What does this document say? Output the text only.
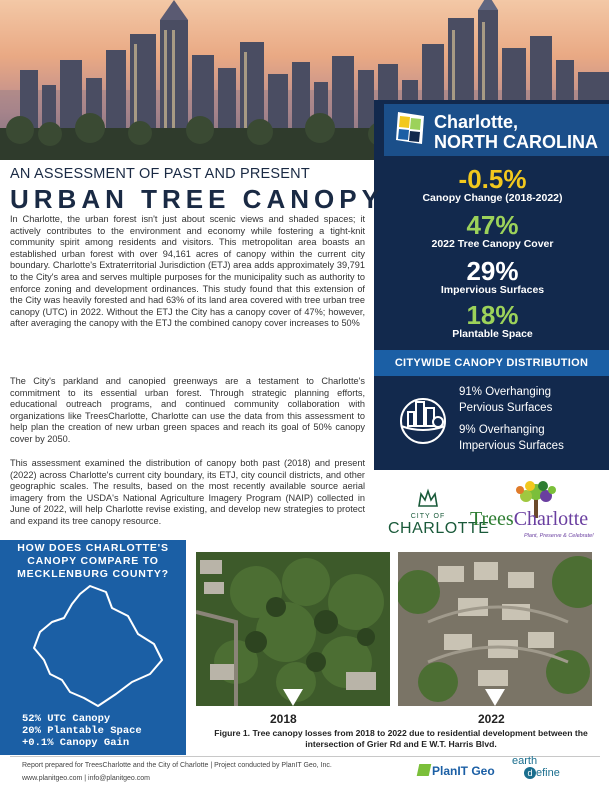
Charlotte,
NORTH CAROLINA
-0.5%
Canopy Change (2018-2022)
47%
2022 Tree Canopy Cover
29%
Impervious Surfaces
18%
Plantable Space
CITYWIDE CANOPY DISTRIBUTION
91% Overhanging
Pervious Surfaces
9% Overhanging
Impervious Surfaces
AN ASSESSMENT OF PAST AND PRESENT
URBAN TREE CANOPY

In Charlotte, the urban forest isn't just about scenic views and shaded spaces; it actively contributes to the environment and economy while fostering a tight-knit community spirit among residents and visitors. This metropolitan area boasts an established urban forest with over 94,161 acres of canopy within the current city boundary. Charlotte's Extraterritorial Jurisdiction (ETJ) area adds approximately 39,791 to the City's area and serves multiple purposes for the municipality such as authority to enforce zoning and development ordinances. This study found that this extension of the City was heavily forested and had 63% of its land area covered with tree urban tree canopy (UTC) in 2022. Without the ETJ the City has a canopy cover of 47%; however, after averaging the canopy with the ETJ the combined canopy cover increases to 50%

The City's parkland and canopied greenways are a testament to Charlotte's commitment to its essential urban forest. Through strategic planning efforts, educational outreach programs, and continued community collaboration with organizations like TreesCharlotte, Charlotte can use the data from this assessment to help plan the creation of new urban green spaces and reach its goal of 50% canopy cover by 2050.

This assessment examined the distribution of canopy both past (2018) and present (2022) across Charlotte's current city boundary, its ETJ, city council districts, and other geographic scales. The results, based on the most recently available source aerial imagery from the USDA's National Agriculture Imagery Program (NAIP) collected in June of 2022, will help Charlotte revise existing, and develop new strategies to protect and expand its tree canopy resource.	CITY OF
CHARLOTTE
TreesCharlotte
Plant, Preserve & Celebrate!
HOW DOES CHARLOTTE'S
CANOPY COMPARE TO
MECKLENBURG COUNTY?
52% UTC Canopy
20% Plantable Space
+0.1% Canopy Gain
2018	2022
Figure 1. Tree canopy losses from 2018 to 2022 due to residential development between the intersection of Grier Rd and E W.T. Harris Blvd.
Report prepared for TreesCharlotte and the City of Charlotte | Project conducted by PlanIT Geo, Inc.
www.planitgeo.com | info@planitgeo.com
PlanIT Geo
earth
d efine
